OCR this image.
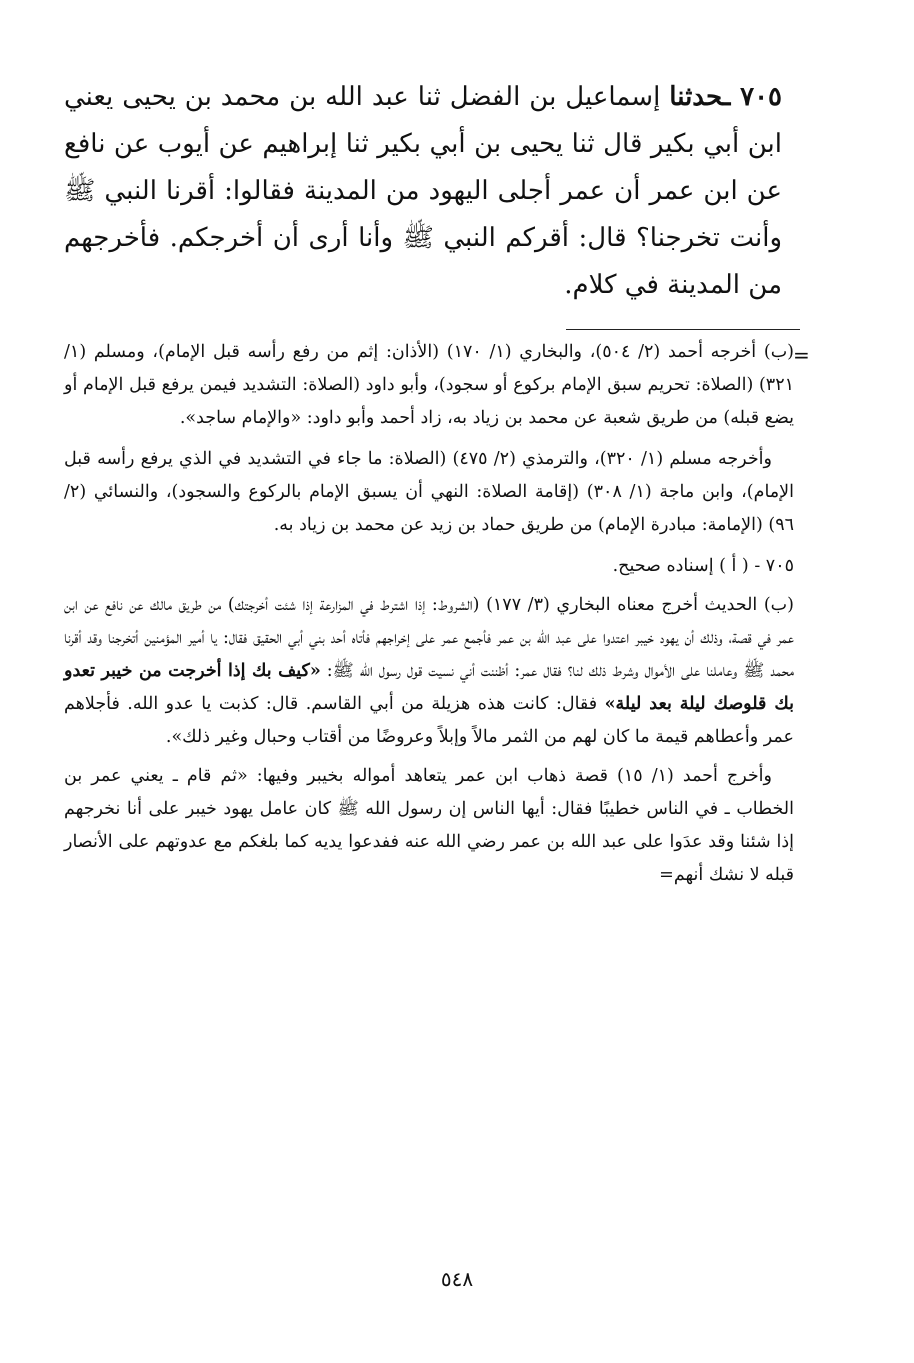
٧٠٥ ـحدثنا إسماعيل بن الفضل ثنا عبد الله بن محمد بن يحيى يعني ابن أبي بكير قال ثنا يحيى بن أبي بكير ثنا إبراهيم عن أيوب عن نافع عن ابن عمر أن عمر أجلى اليهود من المدينة فقالوا: أقرنا النبي ﷺ وأنت تخرجنا؟ قال: أقركم النبي ﷺ وأنا أرى أن أخرجكم. فأخرجهم من المدينة في كلام.

=

(ب) أخرجه أحمد (٢/ ٥٠٤)، والبخاري (١/ ١٧٠) (الأذان: إثم من رفع رأسه قبل الإمام)، ومسلم (١/ ٣٢١) (الصلاة: تحريم سبق الإمام بركوع أو سجود)، وأبو داود (الصلاة: التشديد فيمن يرفع قبل الإمام أو يضع قبله) من طريق شعبة عن محمد بن زياد به، زاد أحمد وأبو داود: «والإمام ساجد».

وأخرجه مسلم (١/ ٣٢٠)، والترمذي (٢/ ٤٧٥) (الصلاة: ما جاء في التشديد في الذي يرفع رأسه قبل الإمام)، وابن ماجة (١/ ٣٠٨) (إقامة الصلاة: النهي أن يسبق الإمام بالركوع والسجود)، والنسائي (٢/ ٩٦) (الإمامة: مبادرة الإمام) من طريق حماد بن زيد عن محمد بن زياد به.

٧٠٥ - ( أ ) إسناده صحيح.

(ب) الحديث أخرج معناه البخاري (٣/ ١٧٧) (الشروط: إذا اشترط في المزارعة إذا شئت أخرجتك) من طريق مالك عن نافع عن ابن عمر في قصة، وذلك أن يهود خيبر اعتدوا على عبد الله بن عمر فأجمع عمر على إخراجهم فأتاه أحد بني أبي الحقيق فقال: يا أمير المؤمنين أتخرجنا وقد أقرنا محمد ﷺ وعاملنا على الأموال وشرط ذلك لنا؟ فقال عمر: أظننت أني نسيت قول رسول الله ﷺ: «كيف بك إذا أخرجت من خيبر تعدو بك قلوصك ليلة بعد ليلة» فقال: كانت هذه هزيلة من أبي القاسم. قال: كذبت يا عدو الله. فأجلاهم عمر وأعطاهم قيمة ما كان لهم من الثمر مالاً وإبلاً وعروضًا من أقتاب وحبال وغير ذلك».

وأخرج أحمد (١/ ١٥) قصة ذهاب ابن عمر يتعاهد أمواله بخيبر وفيها: «ثم قام ـ يعني عمر بن الخطاب ـ في الناس خطيبًا فقال: أيها الناس إن رسول الله ﷺ كان عامل يهود خيبر على أنا نخرجهم إذا شئنا وقد عدَوا على عبد الله بن عمر رضي الله عنه ففدعوا يديه كما بلغكم مع عدوتهم على الأنصار قبله لا نشك أنهم=

٥٤٨
